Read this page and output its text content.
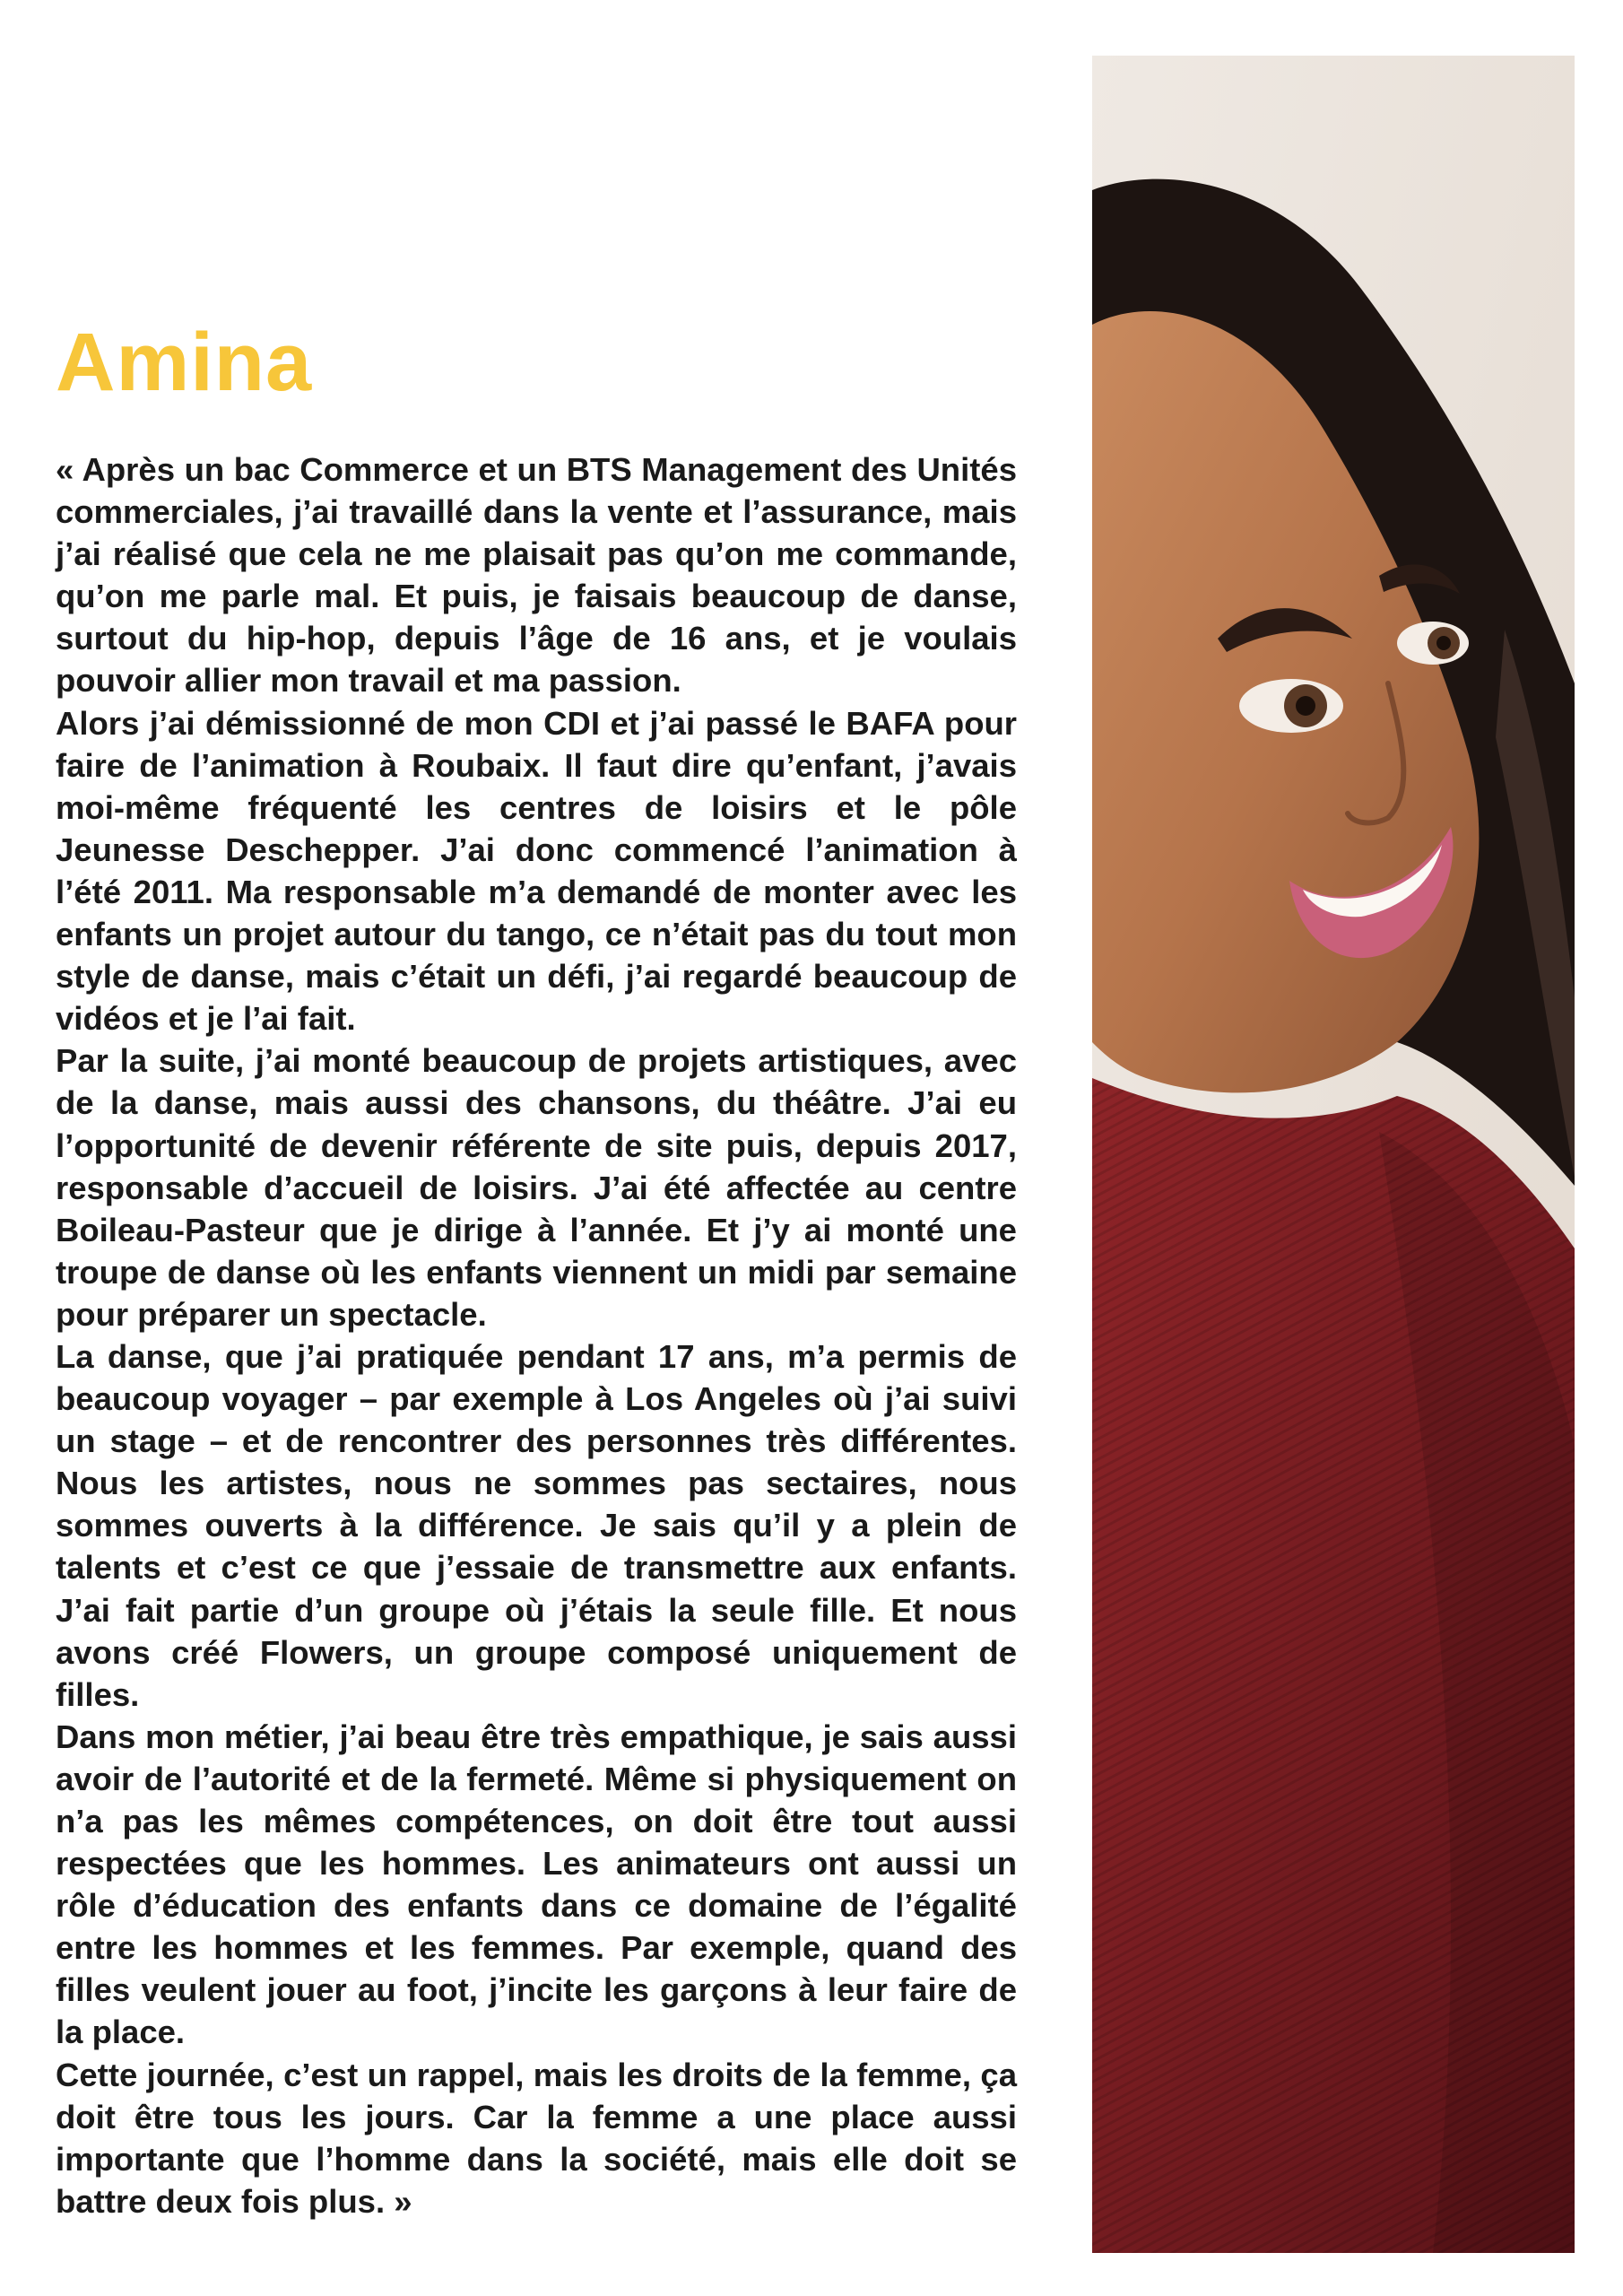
Amina

« Après un bac Commerce et un BTS Management des Unités commerciales, j’ai travaillé dans la vente et l’assurance, mais j’ai réalisé que cela ne me plaisait pas qu’on me commande, qu’on me parle mal. Et puis, je faisais beaucoup de danse, surtout du hip-hop, depuis l’âge de 16 ans, et je voulais pouvoir allier mon travail et ma passion.

Alors j’ai démissionné de mon CDI et j’ai passé le BAFA pour faire de l’animation à Roubaix. Il faut dire qu’enfant, j’avais moi-même fréquenté les centres de loisirs et le pôle Jeunesse Deschepper. J’ai donc commencé l’animation à l’été 2011. Ma responsable m’a demandé de monter avec les enfants un projet autour du tango, ce n’était pas du tout mon style de danse, mais c’était un défi, j’ai regardé beaucoup de vidéos et je l’ai fait.

Par la suite, j’ai monté beaucoup de projets artistiques, avec de la danse, mais aussi des chansons, du théâtre. J’ai eu l’opportunité de devenir référente de site puis, depuis 2017, responsable d’accueil de loisirs. J’ai été affectée au centre Boileau-Pasteur que je dirige à l’année. Et j’y ai monté une troupe de danse où les enfants viennent un midi par semaine pour préparer un spectacle.

La danse, que j’ai pratiquée pendant 17 ans, m’a permis de beaucoup voyager – par exemple à Los Angeles où j’ai suivi un stage – et de rencontrer des personnes très différentes. Nous les artistes, nous ne sommes pas sectaires, nous sommes ouverts à la différence. Je sais qu’il y a plein de talents et c’est ce que j’essaie de transmettre aux enfants. J’ai fait partie d’un groupe où j’étais la seule fille. Et nous avons créé Flowers, un groupe composé uniquement de filles.

Dans mon métier, j’ai beau être très empathique, je sais aussi avoir de l’autorité et de la fermeté. Même si physiquement on n’a pas les mêmes compétences, on doit être tout aussi respectées que les hommes. Les animateurs ont aussi un rôle d’éducation des enfants dans ce domaine de l’égalité entre les hommes et les femmes. Par exemple, quand des filles veulent jouer au foot, j’incite les garçons à leur faire de la place.

Cette journée, c’est un rappel, mais les droits de la femme, ça doit être tous les jours. Car la femme a une place aussi importante que l’homme dans la société, mais elle doit se battre deux fois plus. »
